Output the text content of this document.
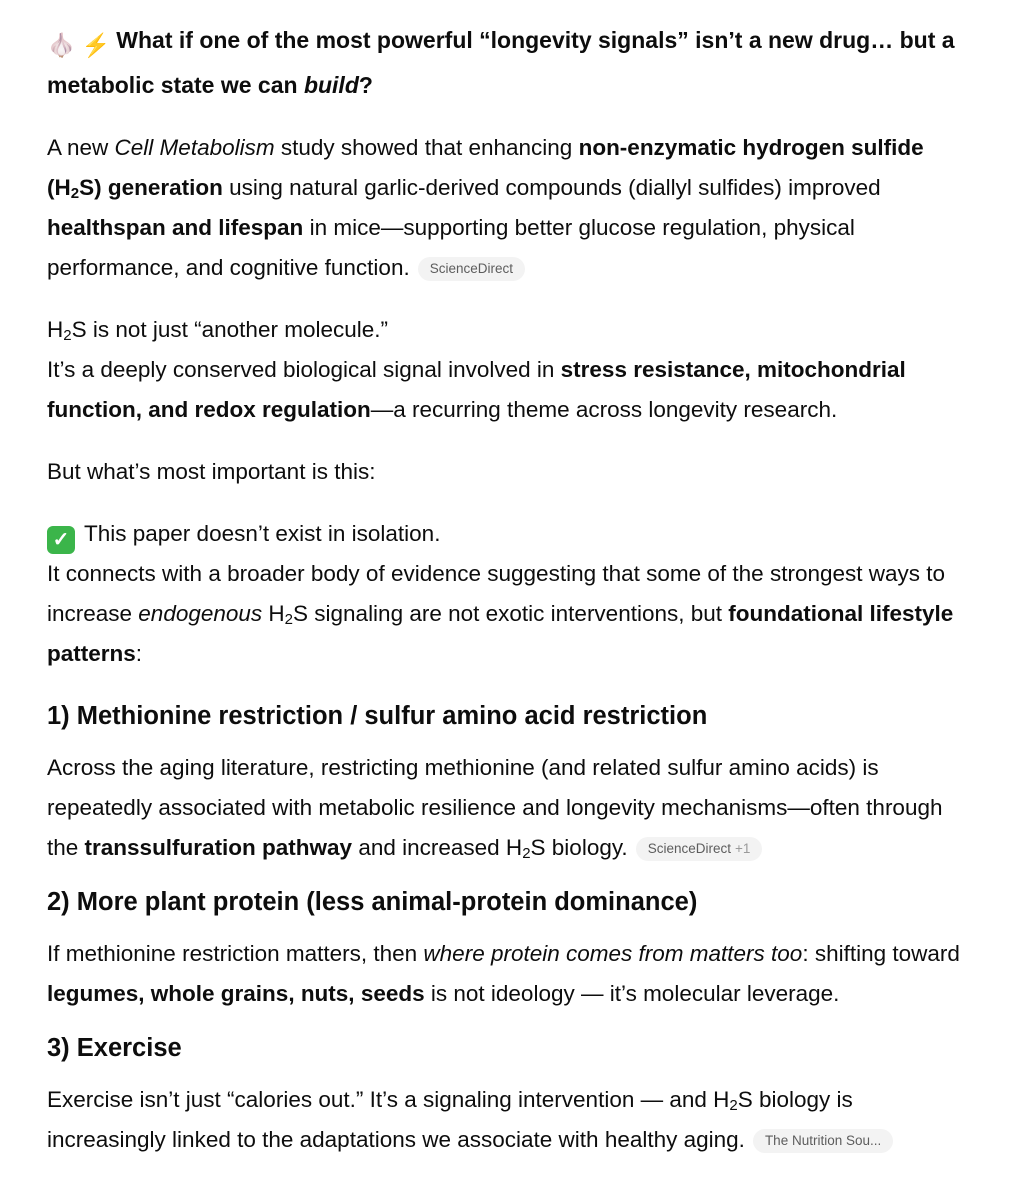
🧄 ⚡ What if one of the most powerful “longevity signals” isn’t a new drug… but a metabolic state we can build?

A new Cell Metabolism study showed that enhancing non-enzymatic hydrogen sulfide $(H_2S)$ generation using natural garlic-derived compounds (diallyl sulfides) improved healthspan and lifespan in mice—supporting better glucose regulation, physical performance, and cognitive function. ScienceDirect

$H_2S$ is not just “another molecule.”
It’s a deeply conserved biological signal involved in stress resistance, mitochondrial function, and redox regulation—a recurring theme across longevity research.

But what’s most important is this:

✓ This paper doesn’t exist in isolation.
It connects with a broader body of evidence suggesting that some of the strongest ways to increase endogenous $H_2S$ signaling are not exotic interventions, but foundational lifestyle patterns:

1) Methionine restriction / sulfur amino acid restriction

Across the aging literature, restricting methionine (and related sulfur amino acids) is repeatedly associated with metabolic resilience and longevity mechanisms—often through the transsulfuration pathway and increased $H_2S$ biology. ScienceDirect +1

2) More plant protein (less animal-protein dominance)

If methionine restriction matters, then where protein comes from matters too: shifting toward legumes, whole grains, nuts, seeds is not ideology — it’s molecular leverage.

3) Exercise

Exercise isn’t just “calories out.” It’s a signaling intervention — and $H_2S$ biology is increasingly linked to the adaptations we associate with healthy aging. The Nutrition Sou...
